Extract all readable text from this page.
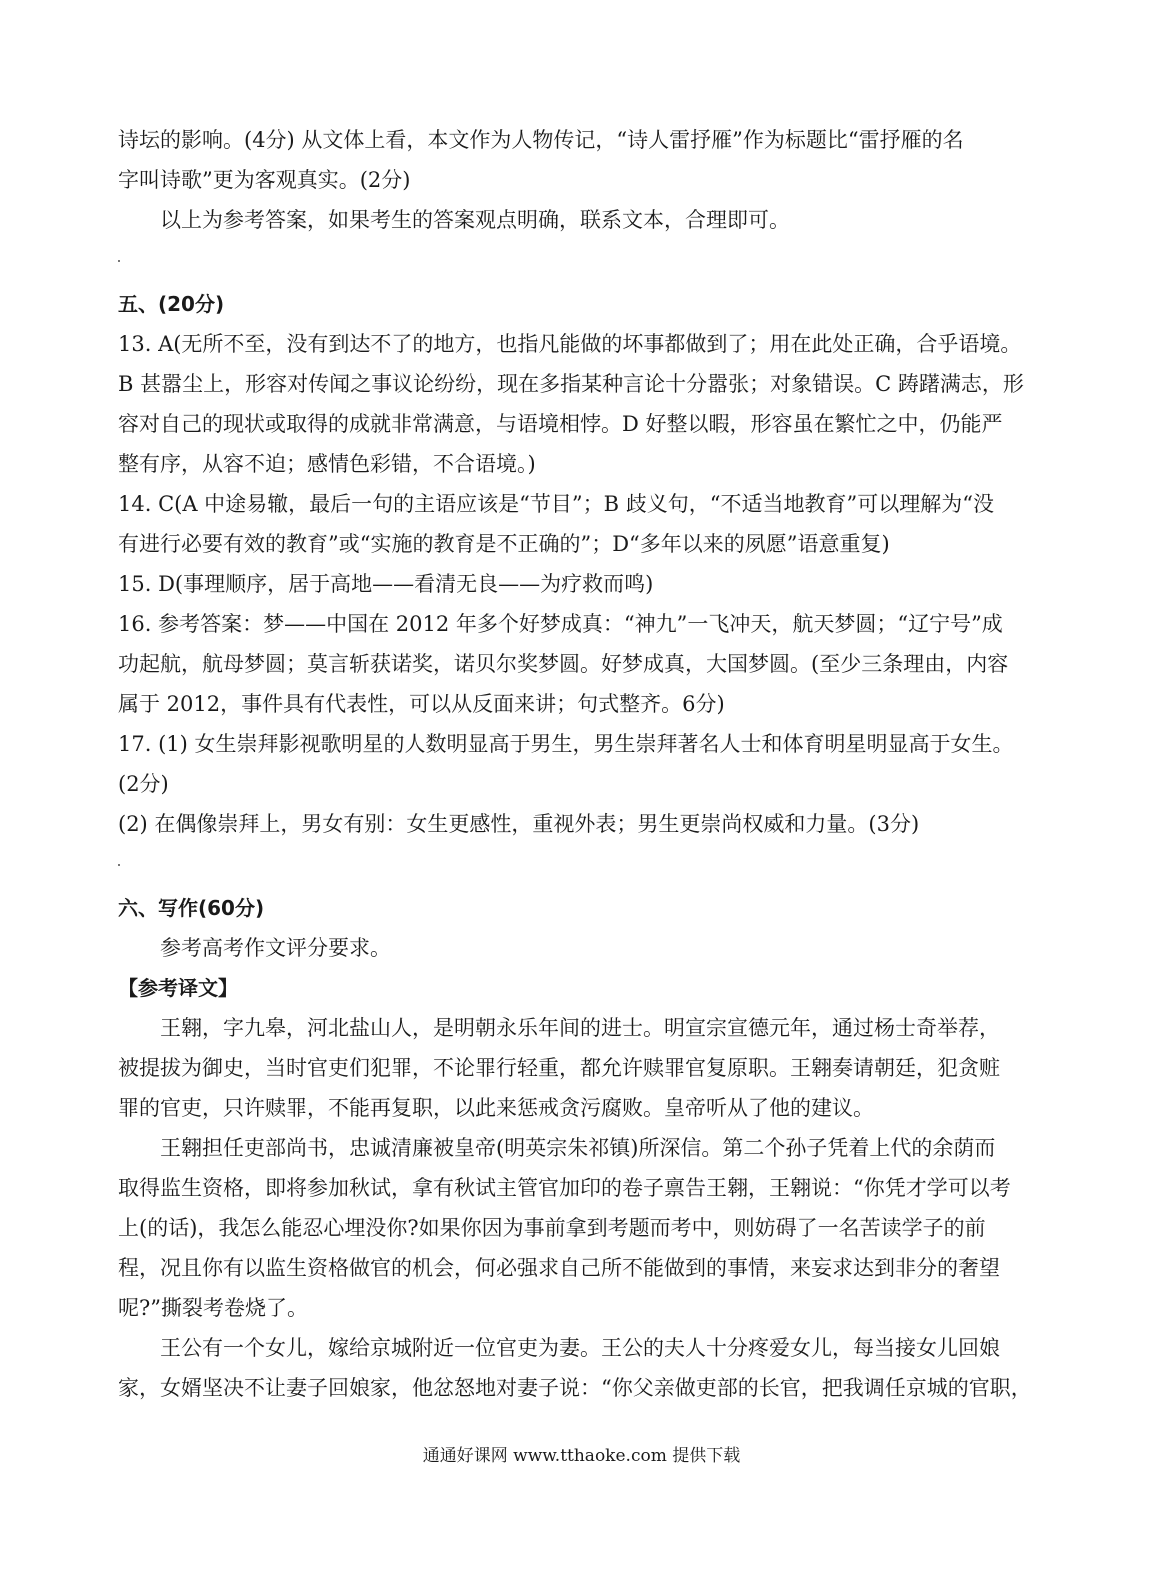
诗坛的影响。(4分) 从文体上看，本文作为人物传记，“诗人雷抒雁”作为标题比“雷抒雁的名
字叫诗歌”更为客观真实。(2分)
以上为参考答案，如果考生的答案观点明确，联系文本，合理即可。
五、(20分)
13. A(无所不至，没有到达不了的地方，也指凡能做的坏事都做到了；用在此处正确，合乎语境。
B 甚嚣尘上，形容对传闻之事议论纷纷，现在多指某种言论十分嚣张；对象错误。C 踌躇满志，形
容对自己的现状或取得的成就非常满意，与语境相悖。D 好整以暇，形容虽在繁忙之中，仍能严
整有序，从容不迫；感情色彩错，不合语境。)
14. C(A 中途易辙，最后一句的主语应该是“节目”；B 歧义句，“不适当地教育”可以理解为“没
有进行必要有效的教育”或“实施的教育是不正确的”；D“多年以来的夙愿”语意重复)
15. D(事理顺序，居于高地——看清无良——为疗救而鸣)
16. 参考答案：梦——中国在 2012 年多个好梦成真：“神九”一飞冲天，航天梦圆；“辽宁号”成
功起航，航母梦圆；莫言斩获诺奖，诺贝尔奖梦圆。好梦成真，大国梦圆。(至少三条理由，内容
属于 2012，事件具有代表性，可以从反面来讲；句式整齐。6分)
17. (1) 女生崇拜影视歌明星的人数明显高于男生，男生崇拜著名人士和体育明星明显高于女生。
(2分)
(2) 在偶像崇拜上，男女有别：女生更感性，重视外表；男生更崇尚权威和力量。(3分)
六、写作(60分)
参考高考作文评分要求。
【参考译文】
王翱，字九皋，河北盐山人，是明朝永乐年间的进士。明宣宗宣德元年，通过杨士奇举荐，
被提拔为御史，当时官吏们犯罪，不论罪行轻重，都允许赎罪官复原职。王翱奏请朝廷，犯贪赃
罪的官吏，只许赎罪，不能再复职，以此来惩戒贪污腐败。皇帝听从了他的建议。
王翱担任吏部尚书，忠诚清廉被皇帝(明英宗朱祁镇)所深信。第二个孙子凭着上代的余荫而
取得监生资格，即将参加秋试，拿有秋试主管官加印的卷子禀告王翱，王翱说：“你凭才学可以考
上(的话)，我怎么能忍心埋没你?如果你因为事前拿到考题而考中，则妨碍了一名苦读学子的前
程，况且你有以监生资格做官的机会，何必强求自己所不能做到的事情，来妄求达到非分的奢望
呢?”撕裂考卷烧了。
王公有一个女儿，嫁给京城附近一位官吏为妻。王公的夫人十分疼爱女儿，每当接女儿回娘
家，女婿坚决不让妻子回娘家，他忿怒地对妻子说：“你父亲做吏部的长官，把我调任京城的官职，
通通好课网 www.tthaoke.com 提供下载
